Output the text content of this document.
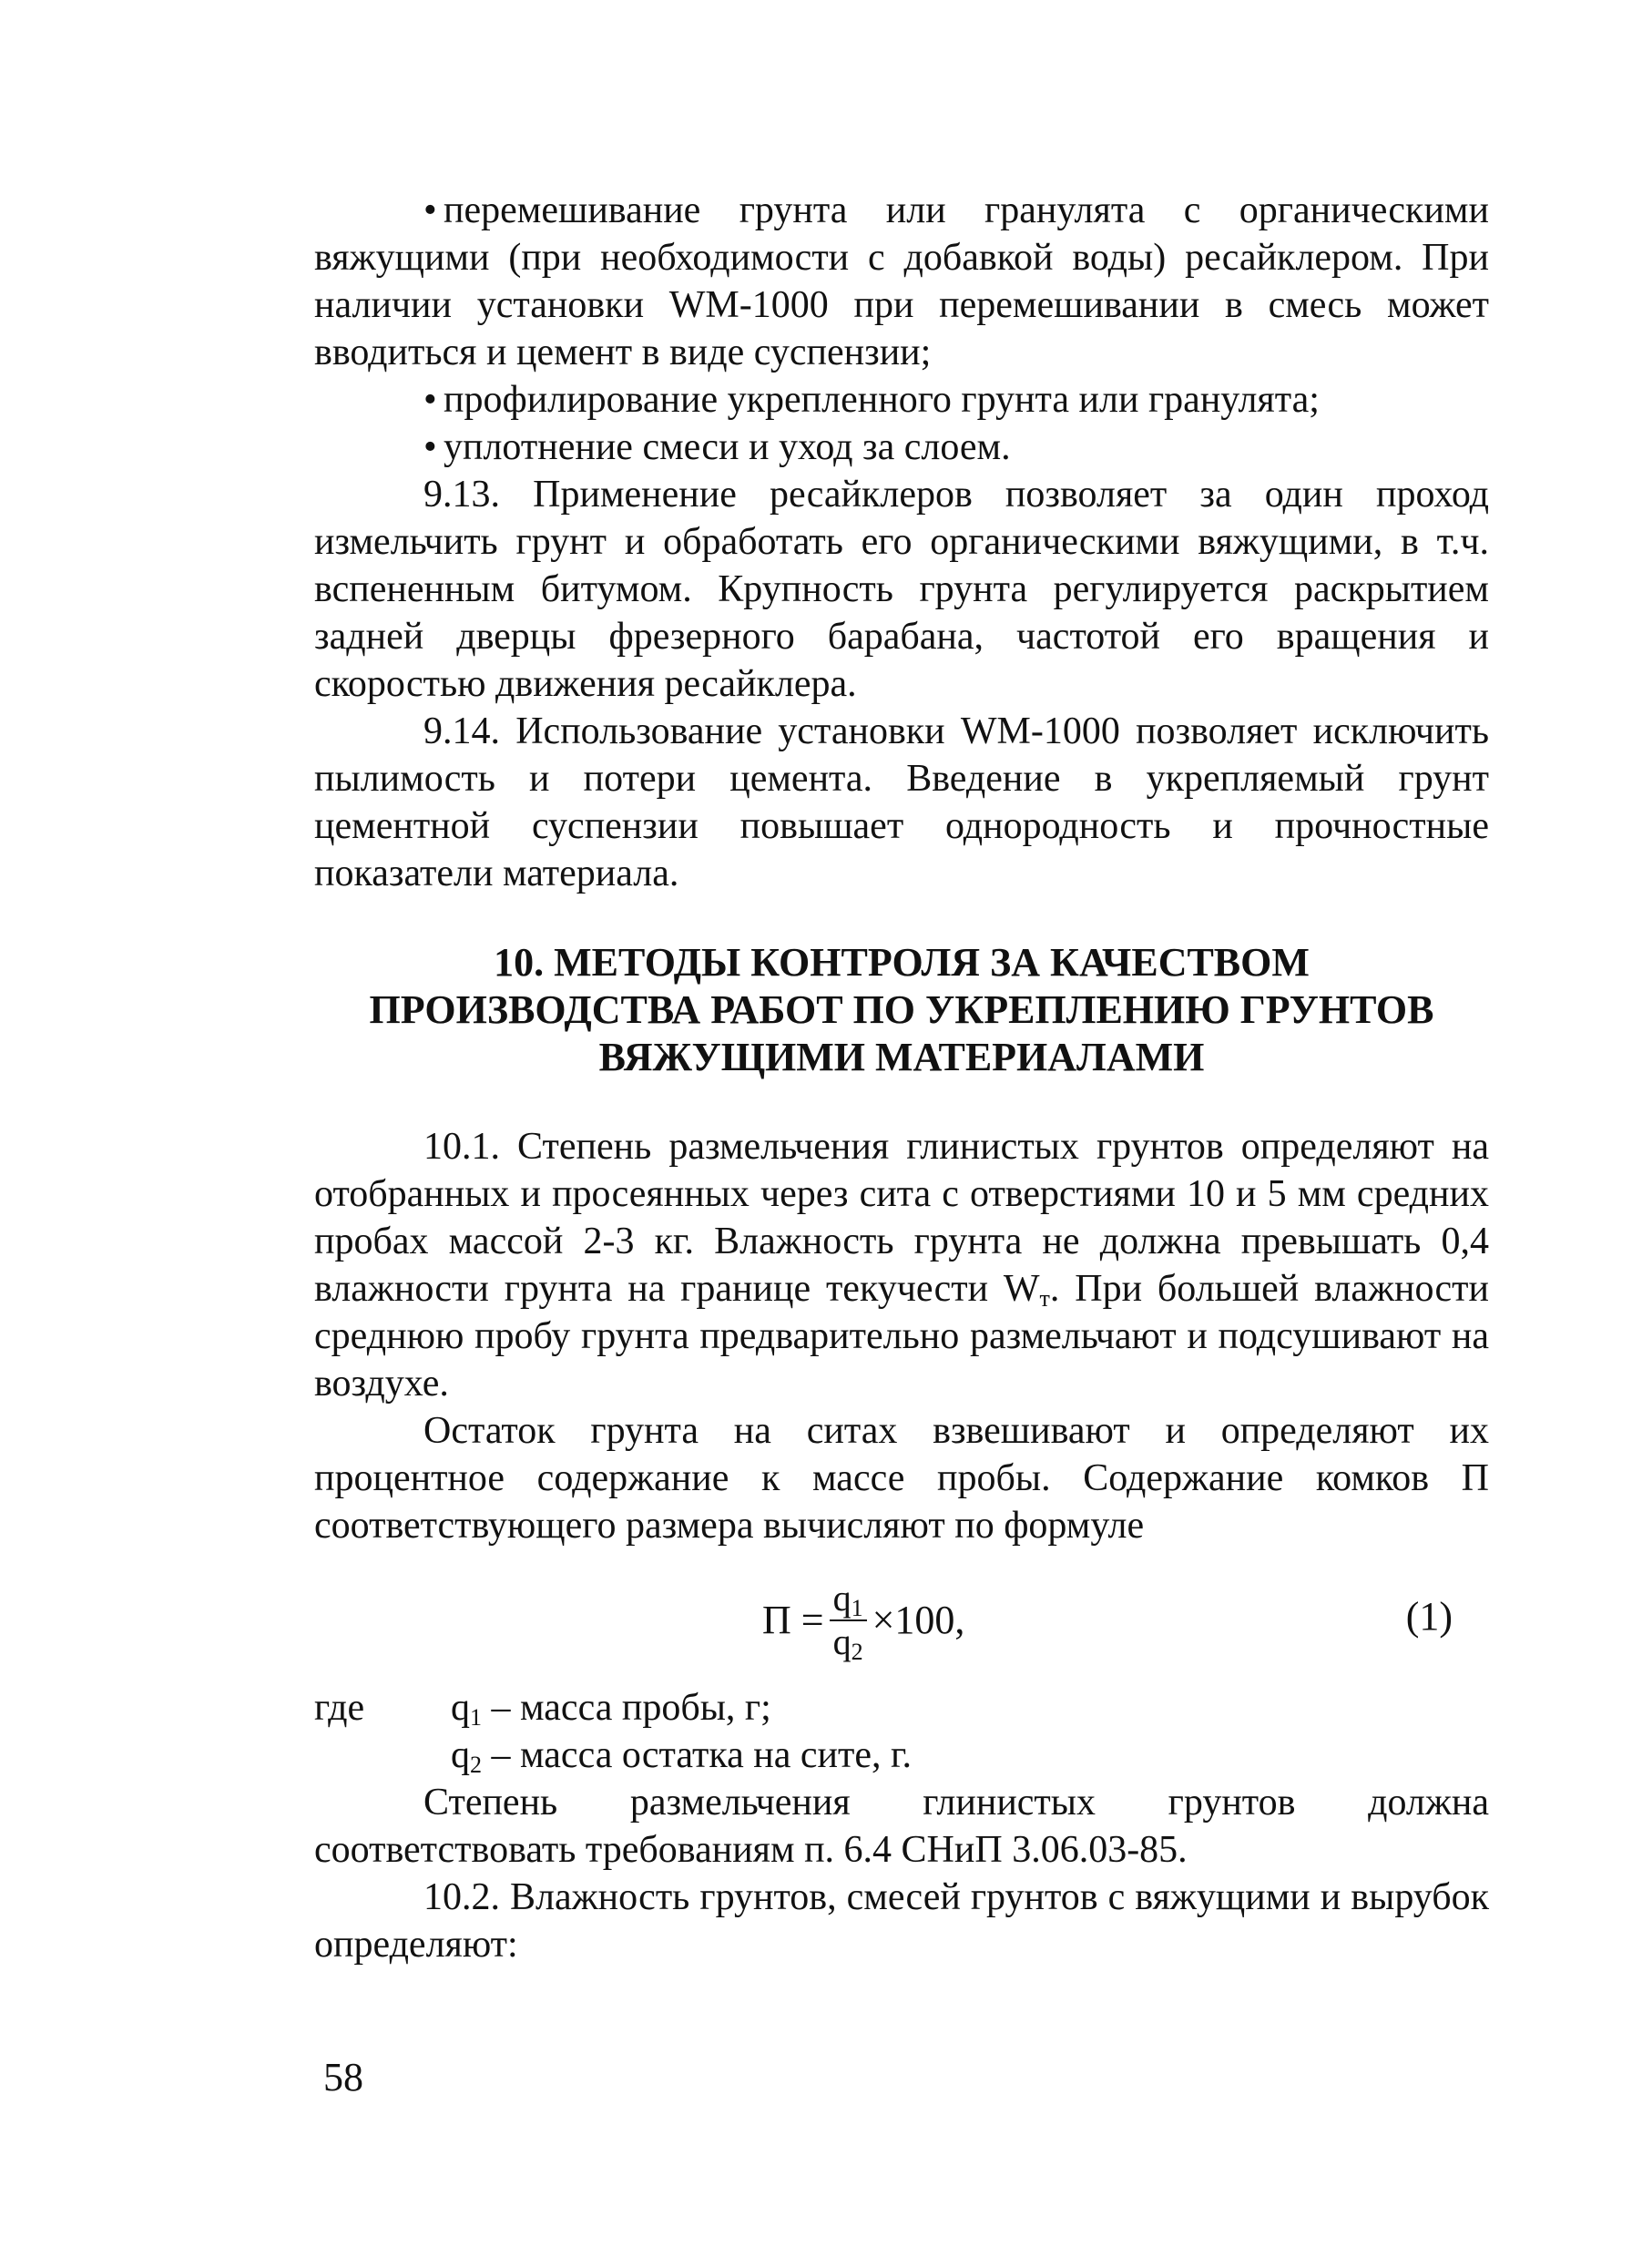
• перемешивание грунта или гранулята с органическими вяжущими (при необходимости с добавкой воды) ресайклером. При наличии установки WM-1000 при перемешивании в смесь может вводиться и цемент в виде суспензии;

• профилирование укрепленного грунта или гранулята;

• уплотнение смеси и уход за слоем.

9.13. Применение ресайклеров позволяет за один проход измельчить грунт и обработать его органическими вяжущими, в т.ч. вспененным битумом. Крупность грунта регулируется раскрытием задней дверцы фрезерного барабана, частотой его вращения и скоростью движения ресайклера.

9.14. Использование установки WM-1000 позволяет исключить пылимость и потери цемента. Введение в укрепляемый грунт цементной суспензии повышает однородность и прочностные показатели материала.

10. МЕТОДЫ КОНТРОЛЯ ЗА КАЧЕСТВОМ
ПРОИЗВОДСТВА РАБОТ ПО УКРЕПЛЕНИЮ ГРУНТОВ
ВЯЖУЩИМИ МАТЕРИАЛАМИ

10.1. Степень размельчения глинистых грунтов определяют на отобранных и просеянных через сита с отверстиями 10 и 5 мм средних пробах массой 2-3 кг. Влажность грунта не должна превышать 0,4 влажности грунта на границе текучести $W_т$. При большей влажности среднюю пробу грунта предварительно размельчают и подсушивают на воздухе.

Остаток грунта на ситах взвешивают и определяют их процентное содержание к массе пробы. Содержание комков П соответствующего размера вычисляют по формуле

$П = \frac{q_1}{q_2} \times 100$,	(1)
где	$q_1$ – масса пробы, г;
$q_2$ – масса остатка на сите, г.

Степень размельчения глинистых грунтов должна соответствовать требованиям п. 6.4 СНиП 3.06.03-85.

10.2. Влажность грунтов, смесей грунтов с вяжущими и вырубок определяют:

58
